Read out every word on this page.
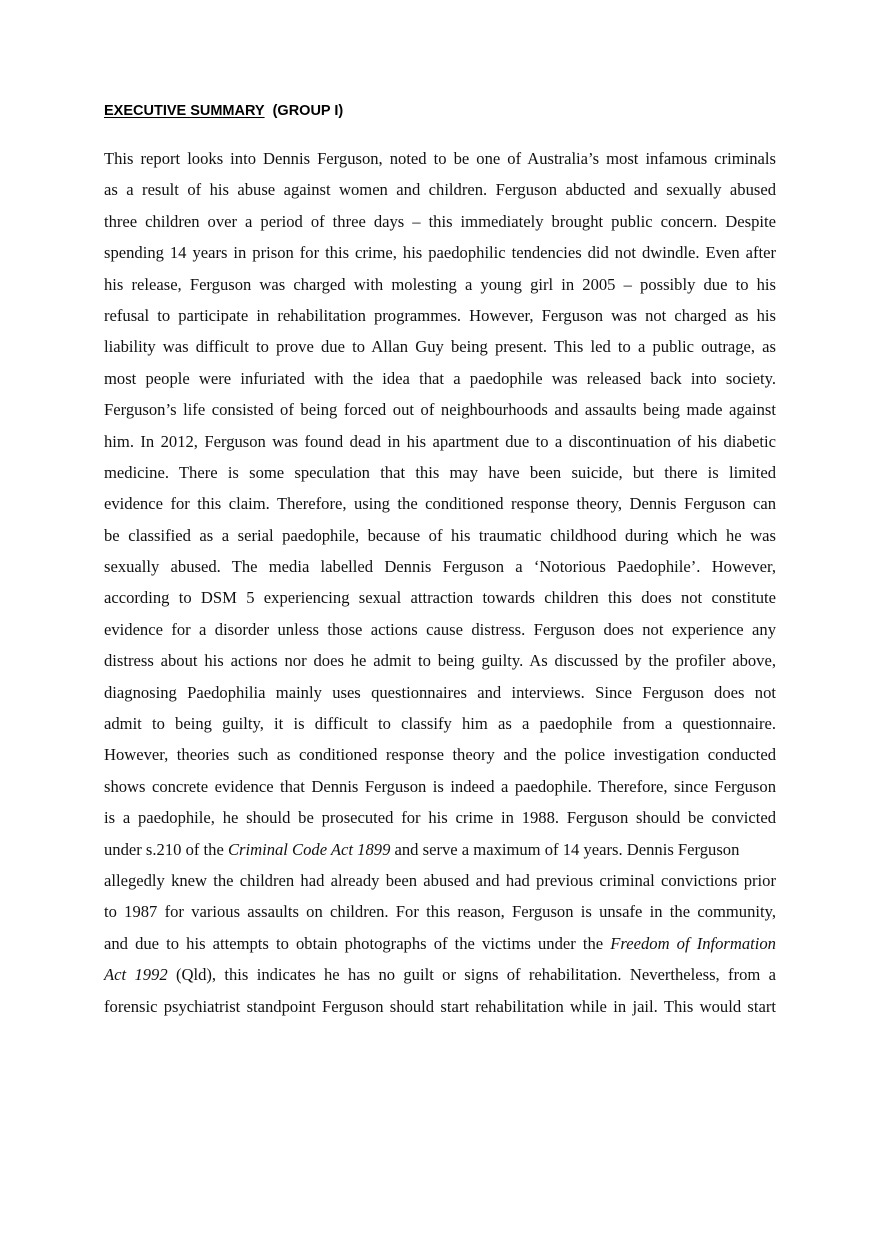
EXECUTIVE SUMMARY (GROUP I)
This report looks into Dennis Ferguson, noted to be one of Australia’s most infamous criminals
as a result of his abuse against women and children. Ferguson abducted and sexually abused
three children over a period of three days – this immediately brought public concern. Despite
spending 14 years in prison for this crime, his paedophilic tendencies did not dwindle. Even after
his release, Ferguson was charged with molesting a young girl in 2005 – possibly due to his
refusal to participate in rehabilitation programmes. However, Ferguson was not charged as his
liability was difficult to prove due to Allan Guy being present. This led to a public outrage, as
most people were infuriated with the idea that a paedophile was released back into society.
Ferguson’s life consisted of being forced out of neighbourhoods and assaults being made against
him. In 2012, Ferguson was found dead in his apartment due to a discontinuation of his diabetic
medicine. There is some speculation that this may have been suicide, but there is limited
evidence for this claim. Therefore, using the conditioned response theory, Dennis Ferguson can
be classified as a serial paedophile, because of his traumatic childhood during which he was
sexually abused. The media labelled Dennis Ferguson a ‘Notorious Paedophile’. However,
according to DSM 5 experiencing sexual attraction towards children this does not constitute
evidence for a disorder unless those actions cause distress. Ferguson does not experience any
distress about his actions nor does he admit to being guilty. As discussed by the profiler above,
diagnosing Paedophilia mainly uses questionnaires and interviews. Since Ferguson does not
admit to being guilty, it is difficult to classify him as a paedophile from a questionnaire.
However, theories such as conditioned response theory and the police investigation conducted
shows concrete evidence that Dennis Ferguson is indeed a paedophile. Therefore, since Ferguson
is a paedophile, he should be prosecuted for his crime in 1988. Ferguson should be convicted
under s.210 of the Criminal Code Act 1899 and serve a maximum of 14 years. Dennis Ferguson
allegedly knew the children had already been abused and had previous criminal convictions prior
to 1987 for various assaults on children. For this reason, Ferguson is unsafe in the community,
and due to his attempts to obtain photographs of the victims under the Freedom of Information
Act 1992 (Qld), this indicates he has no guilt or signs of rehabilitation. Nevertheless, from a
forensic psychiatrist standpoint Ferguson should start rehabilitation while in jail. This would start
